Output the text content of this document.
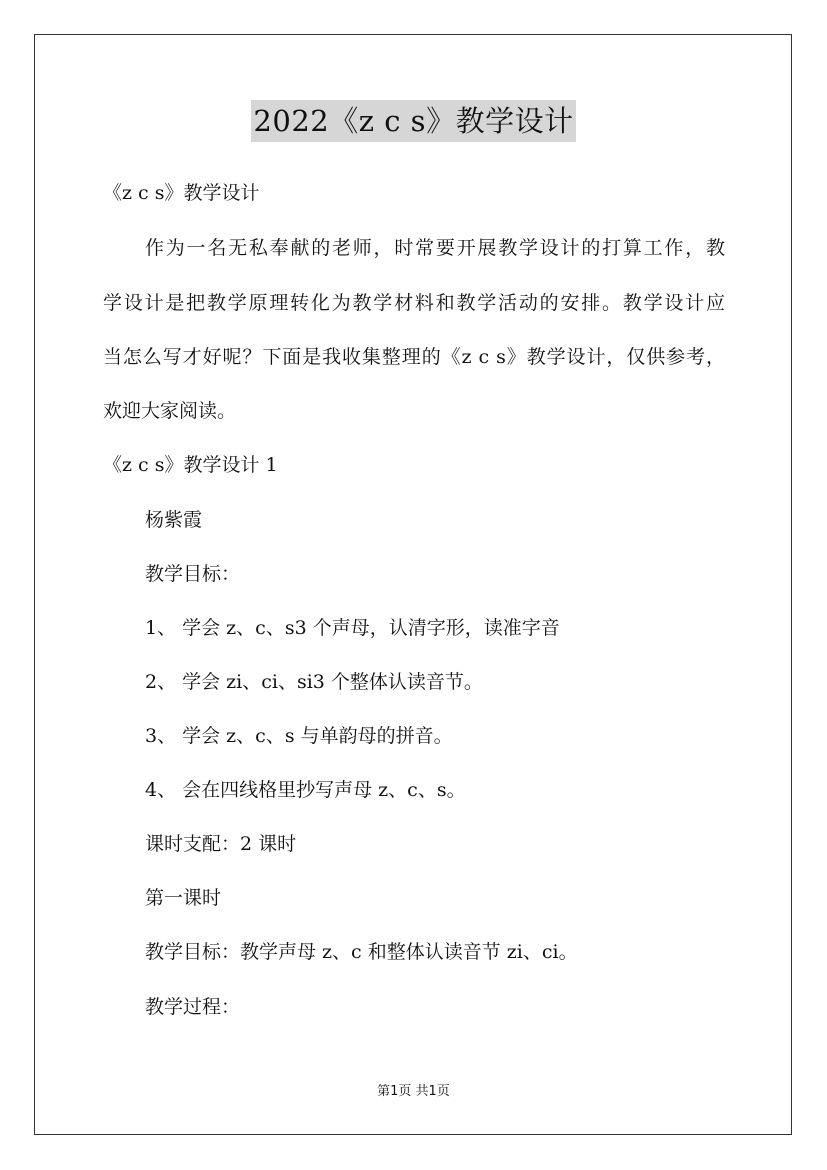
2022《z c s》教学设计
《z c s》教学设计
作为一名无私奉献的老师，时常要开展教学设计的打算工作，教
学设计是把教学原理转化为教学材料和教学活动的安排。教学设计应
当怎么写才好呢？下面是我收集整理的《z c s》教学设计，仅供参考，
欢迎大家阅读。
《z c s》教学设计 1
杨紫霞
教学目标：
1、 学会 z、c、s3 个声母，认清字形，读准字音
2、 学会 zi、ci、si3 个整体认读音节。
3、 学会 z、c、s 与单韵母的拼音。
4、 会在四线格里抄写声母 z、c、s。
课时支配：2 课时
第一课时
教学目标：教学声母 z、c 和整体认读音节 zi、ci。
教学过程：
第1页 共1页
